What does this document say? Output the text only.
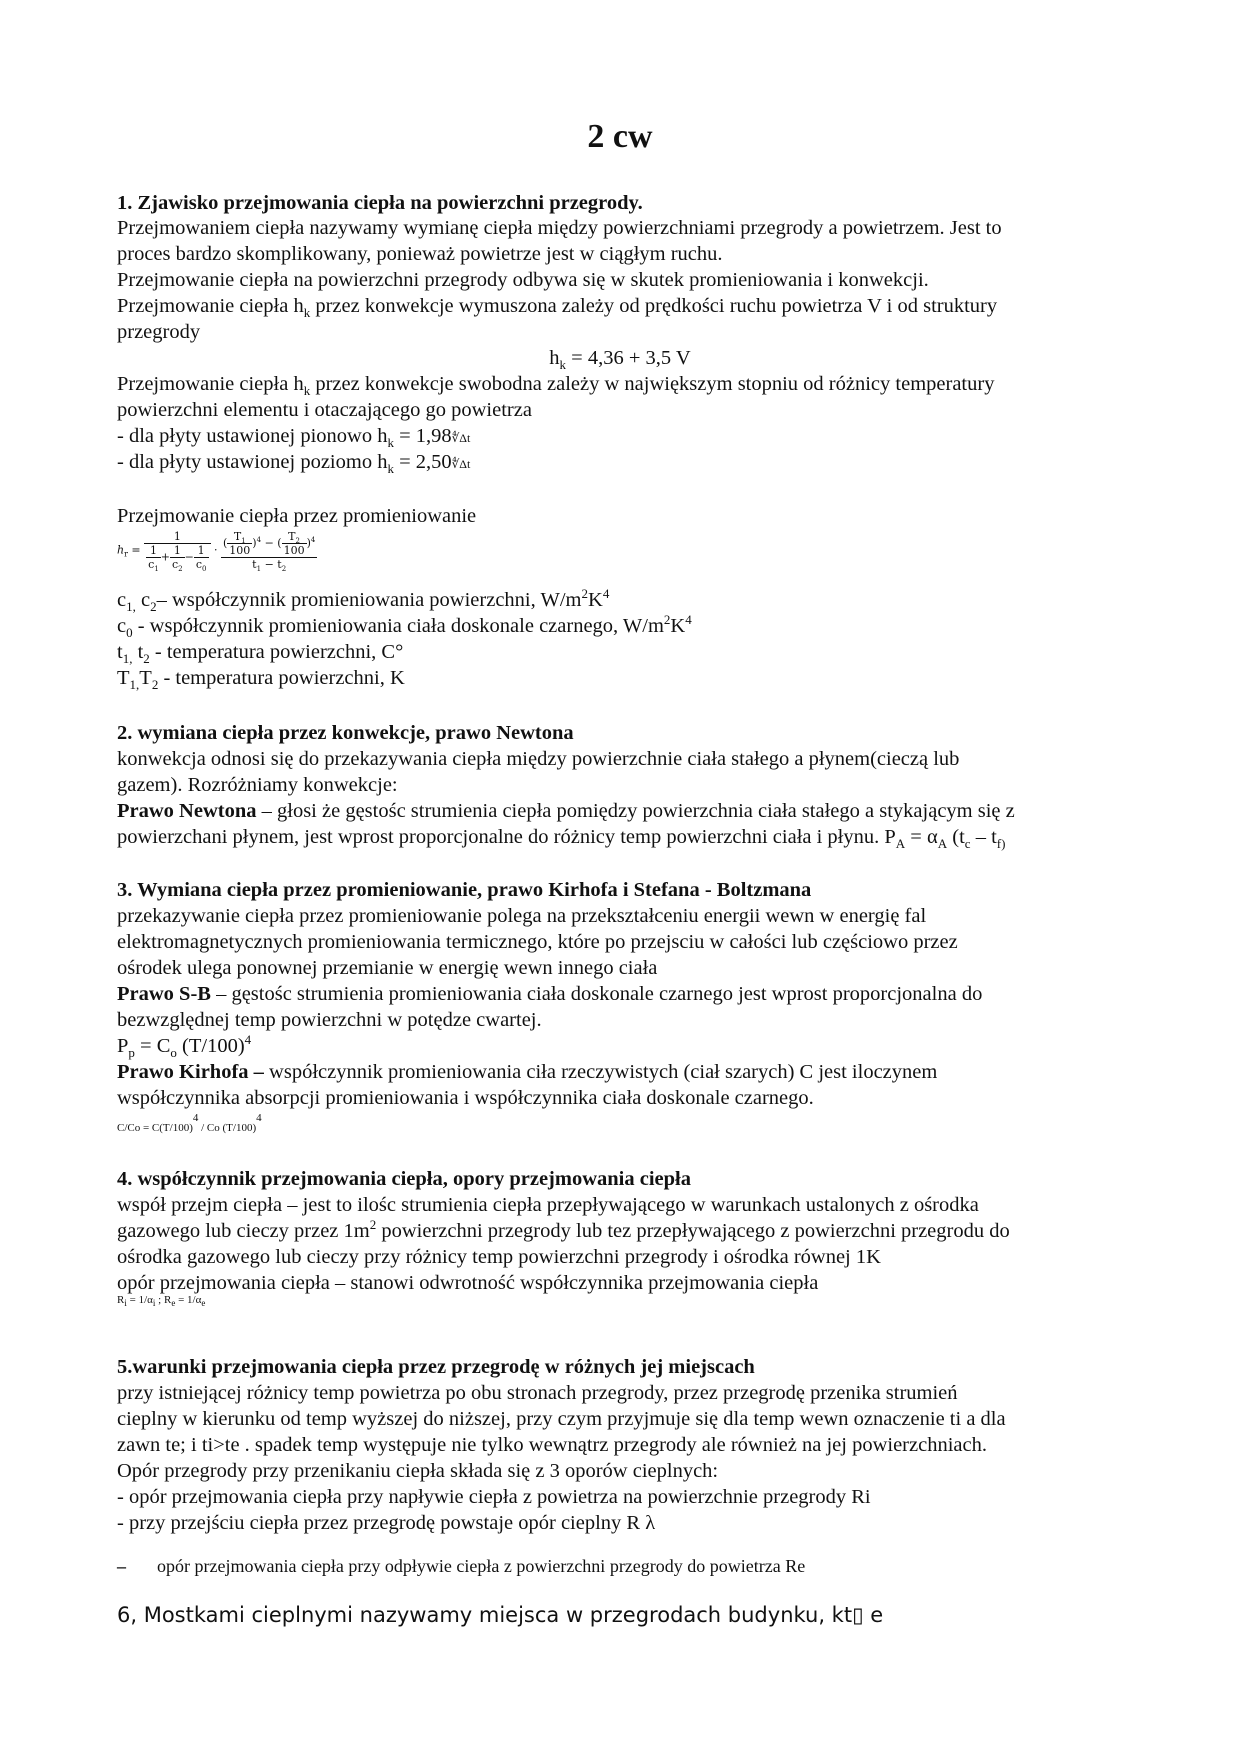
2 cw
1. Zjawisko przejmowania ciepła na powierzchni przegrody.
Przejmowaniem ciepła nazywamy wymianę ciepła między powierzchniami przegrody a powietrzem. Jest to
proces bardzo skomplikowany, ponieważ powietrze jest w ciągłym ruchu.
Przejmowanie ciepła na powierzchni przegrody odbywa się w skutek promieniowania i konwekcji.
Przejmowanie ciepła $h_k$ przez konwekcje wymuszona zależy od prędkości ruchu powietrza V i od struktury
przegrody
$h_k = 4,36 + 3,5$ V
Przejmowanie ciepła $h_k$ przez konwekcje swobodna zależy w największym stopniu od różnicy temperatury
powierzchni elementu i otaczającego go powietrza
- dla płyty ustawionej pionowo $h_k$ = 1,98∜Δt
- dla płyty ustawionej poziomo $h_k$ = 2,50∜Δt
Przejmowanie ciepła przez promieniowanie
$h_r = \frac{1}{\frac{1}{c_1} + \frac{1}{c_2} - \frac{1}{c_0}} \cdot \frac{( \frac{T_1}{100} )^4 - ( \frac{T_2}{100} )^4}{t_1 - t_2}$
$c_{1,}$ $c_2-$ współczynnik promieniowania powierzchni, $W/m^2K^4$
$c_0$ - współczynnik promieniowania ciała doskonale czarnego, $W/m^2K^4$
$t_{1,}$ $t_2$ - temperatura powierzchni, C°
$T_{1,}T_2$ - temperatura powierzchni, K
2. wymiana ciepła przez konwekcje, prawo Newtona
konwekcja odnosi się do przekazywania ciepła między powierzchnie ciała stałego a płynem(cieczą lub
gazem). Rozróżniamy konwekcje:
Prawo Newtona – głosi że gęstośc strumienia ciepła pomiędzy powierzchnia ciała stałego a stykającym się z
powierzchani płynem, jest wprost proporcjonalne do różnicy temp powierzchni ciała i płynu. $P_A = \alpha_A$ ($t_c - t_{f)}$
3. Wymiana ciepła przez promieniowanie, prawo Kirhofa i Stefana - Boltzmana
przekazywanie ciepła przez promieniowanie polega na przekształceniu energii wewn w energię fal
elektromagnetycznych promieniowania termicznego, które po przejsciu w całości lub częściowo przez
ośrodek ulega ponownej przemianie w energię wewn innego ciała
Prawo S-B – gęstośc strumienia promieniowania ciała doskonale czarnego jest wprost proporcjonalna do
bezwzględnej temp powierzchni w potędze cwartej.
$P_p = C_o$ $(T/100)^4$
Prawo Kirhofa – współczynnik promieniowania ciła rzeczywistych (ciał szarych) C jest iloczynem
współczynnika absorpcji promieniowania i współczynnika ciała doskonale czarnego.
$C/Co = C(T/100)^4 / Co$ $(T/100)^4$
4. współczynnik przejmowania ciepła, opory przejmowania ciepła
współ przejm ciepła – jest to ilośc strumienia ciepła przepływającego w warunkach ustalonych z ośrodka
gazowego lub cieczy przez $1m^2$ powierzchni przegrody lub tez przepływającego z powierzchni przegrodu do
ośrodka gazowego lub cieczy przy różnicy temp powierzchni przegrody i ośrodka równej 1K
opór przejmowania ciepła – stanowi odwrotność współczynnika przejmowania ciepła
$R_i = 1/\alpha_i$ ; $R_e = 1/\alpha_e$
5.warunki przejmowania ciepła przez przegrodę w różnych jej miejscach
przy istniejącej różnicy temp powietrza po obu stronach przegrody, przez przegrodę przenika strumień
cieplny w kierunku od temp wyższej do niższej, przy czym przyjmuje się dla temp wewn oznaczenie ti a dla
zawn te; i ti>te . spadek temp występuje nie tylko wewnątrz przegrody ale również na jej powierzchniach.
Opór przegrody przy przenikaniu ciepła składa się z 3 oporów cieplnych:
- opór przejmowania ciepła przy napływie ciepła z powietrza na powierzchnie przegrody Ri
- przy przejściu ciepła przez przegrodę powstaje opór cieplny R λ
– opór przejmowania ciepła przy odpływie ciepła z powierzchni przegrody do powietrza Re
6, Mostkami cieplnymi nazywamy miejsca w przegrodach budynku, kt▯ e
